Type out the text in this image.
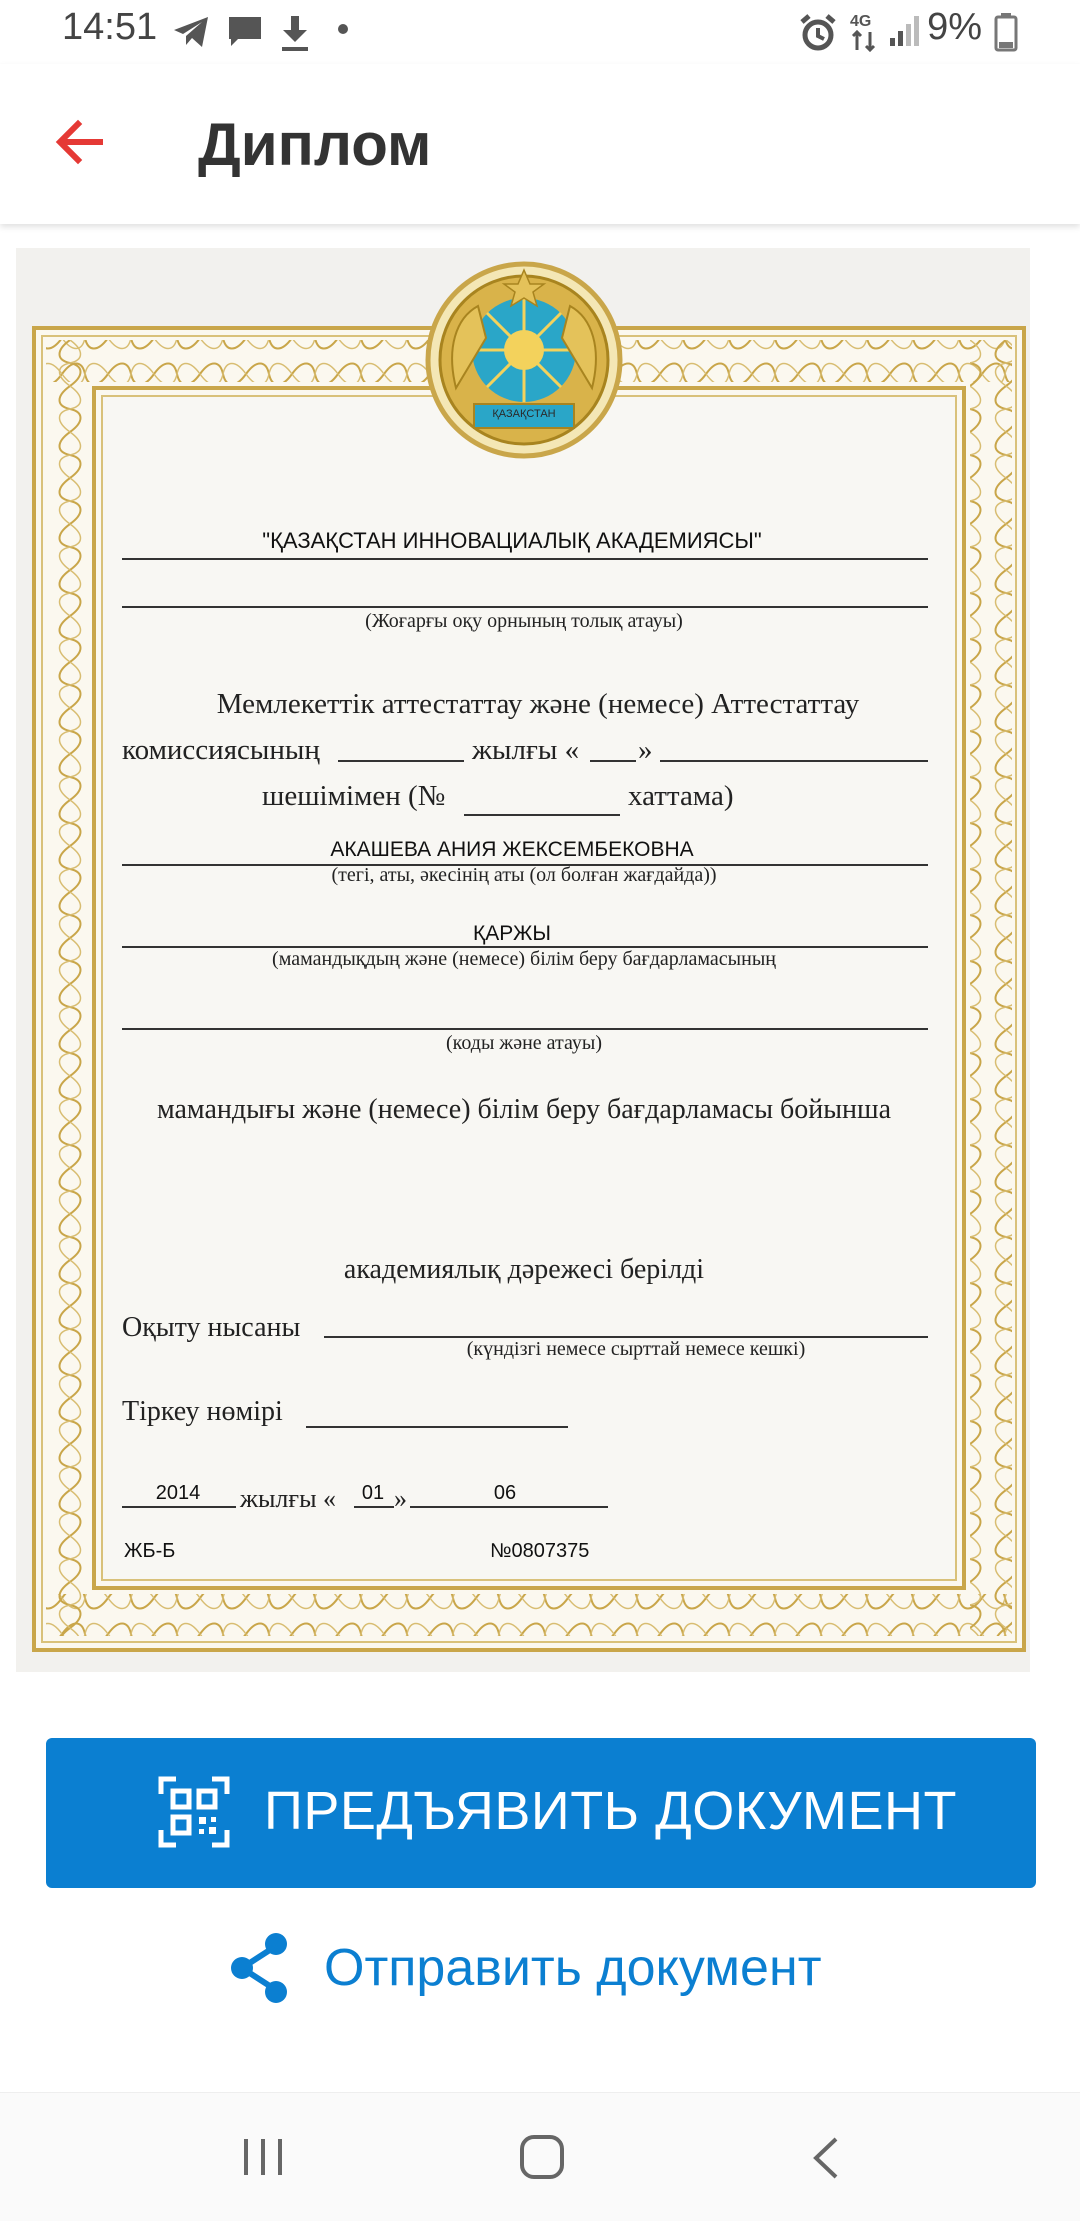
14:51	4G 9%
Диплом
ҚАЗАҚСТАН
"ҚАЗАҚСТАН ИННОВАЦИАЛЫҚ АКАДЕМИЯСЫ"
(Жоғарғы оқу орнының толық атауы)
Мемлекеттік аттестаттау және (немесе) Аттестаттау
комиссиясының	жылғы « »
шешімімен (№	хаттама)
АКАШЕВА АНИЯ ЖЕКСЕМБЕКОВНА
(тегі, аты, әкесінің аты (ол болған жағдайда))
ҚАРЖЫ
(мамандықдың және (немесе) білім беру бағдарламасының
(коды және атауы)
мамандығы және (немесе) білім беру бағдарламасы бойынша
академиялық дәрежесі берілді
Оқыту нысаны
(күндізгі немесе сырттай немесе кешкі)
Тіркеу нөмірі
2014 жылғы « 01 »	06
ЖБ-Б	№0807375
ПРЕДЪЯВИТЬ ДОКУМЕНТ
Отправить документ
